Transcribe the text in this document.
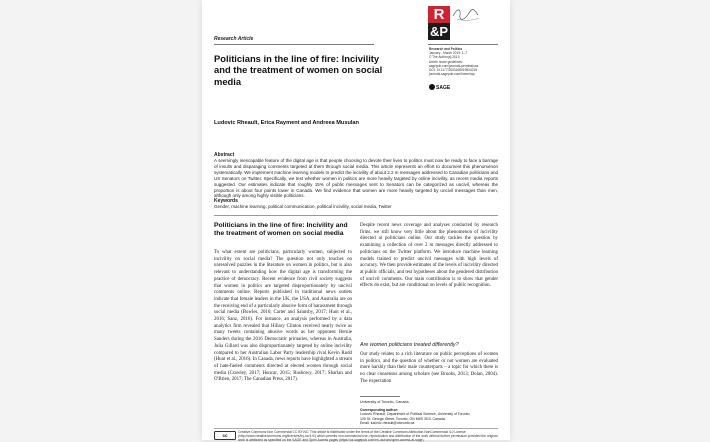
R
&P
Research Article
Politicians in the line of fire: Incivility and the treatment of women on social media
Research and Politics
January - March 2019: 1–7
© The Author(s) 2019
Article reuse guidelines:
sagepub.com/journals-permissions
DOI: 10.1177/2053168019834218
journals.sagepub.com/home/rap
SAGE
Ludovic Rheault, Erica Rayment and Andreea Musulan
Abstract

A seemingly inescapable feature of the digital age is that people choosing to devote their lives to politics must now be ready to face a barrage of insults and disparaging comments targeted at them through social media. This article represents an effort to document this phenomenon systematically. We implement machine learning models to predict the incivility of about 2.2 m messages addressed to Canadian politicians and US Senators on Twitter. Specifically, we test whether women in politics are more heavily targeted by online incivility, as recent media reports suggested. Our estimates indicate that roughly 15% of public messages sent to Senators can be categorized as uncivil, whereas the proportion is about four points lower in Canada. We find evidence that women are more heavily targeted by uncivil messages than men, although only among highly visible politicians.

Keywords

Gender, machine learning, political communication, political incivility, social media, Twitter

Politicians in the line of fire: Incivility and the treatment of women on social media

To what extent are politicians, particularly women, subjected to incivility on social media? The question not only touches on unresolved puzzles in the literature on women in politics, but is also relevant to understanding how the digital age is transforming the practice of democracy. Recent evidence from civil society suggests that women in politics are targeted disproportionately by uncivil comments online. Reports published in traditional news outlets indicate that female leaders in the UK, the USA, and Australia are on the receiving end of a particularly abusive form of harassment through social media (Bowles, 2016; Carter and Saunsby, 2017; Hunt et al., 2016; Sanz, 2016). For instance, an analysis performed by a data analytics firm revealed that Hillary Clinton received nearly twice as many tweets containing abusive words as her opponent Bernie Sanders during the 2016 Democratic primaries, whereas in Australia, Julia Gillard was also disproportionately targeted by online incivility compared to her Australian Labor Party leadership rival Kevin Rudd (Hunt et al., 2016). In Canada, news reports have highlighted a stream of hate-fueled comments directed at elected women through social media (Crawley, 2017; Huncar, 2015; Rushowy, 2017; Sharlan and O'Brien, 2017; The Canadian Press, 2017).

Despite recent news coverage and analyses conducted by research firms, we still know very little about the phenomenon of incivility directed at politicians online. Our study tackles the question by examining a collection of over 2 m messages directly addressed to politicians on the Twitter platform. We introduce machine learning models trained to predict uncivil messages with high levels of accuracy. We then provide estimates of the levels of incivility directed at public officials, and test hypotheses about the gendered distribution of uncivil comments. Our main contribution is to show that gender effects do exist, but are conditional on levels of public recognition.

Are women politicians treated differently?

Our study relates to a rich literature on public perceptions of women in politics, and the question of whether or not women are evaluated more harshly than their male counterparts – a topic for which there is no clear consensus among scholars (see Brooks, 2013; Dolan, 2004). The expectation

University of Toronto, Canada
Corresponding author:
Ludovic Rheault, Department of Political Science, University of Toronto,
100 St. George Street, Toronto, ON M5S 3G3, Canada.
Email: ludovic.rheault@utoronto.ca
cc

Creative Commons Non Commercial CC BY-NC: This article is distributed under the terms of the Creative Commons Attribution-NonCommercial 4.0 License (http://www.creativecommons.org/licenses/by-nc/4.0/) which permits non-commercial use, reproduction and distribution of the work without further permission provided the original work is attributed as specified on the SAGE and Open Access pages (https://us.sagepub.com/en-us/nam/open-access-at-sage).
